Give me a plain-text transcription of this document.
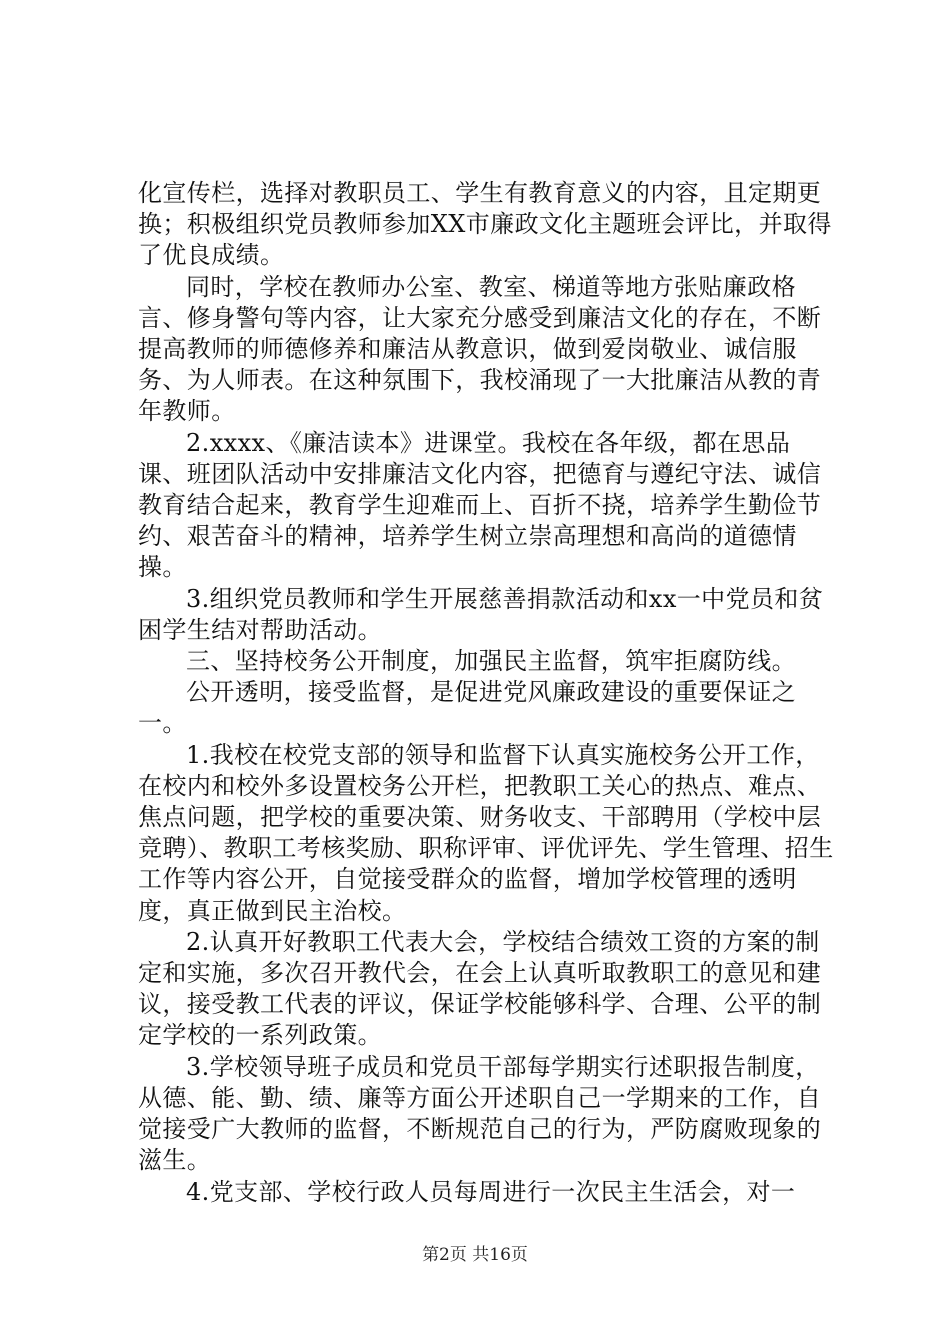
化宣传栏，选择对教职员工、学生有教育意义的内容，且定期更换；积极组织党员教师参加XX市廉政文化主题班会评比，并取得了优良成绩。

同时，学校在教师办公室、教室、梯道等地方张贴廉政格言、修身警句等内容，让大家充分感受到廉洁文化的存在，不断提高教师的师德修养和廉洁从教意识，做到爱岗敬业、诚信服务、为人师表。在这种氛围下，我校涌现了一大批廉洁从教的青年教师。

2.xxxx、《廉洁读本》进课堂。我校在各年级，都在思品课、班团队活动中安排廉洁文化内容，把德育与遵纪守法、诚信教育结合起来，教育学生迎难而上、百折不挠，培养学生勤俭节约、艰苦奋斗的精神，培养学生树立崇高理想和高尚的道德情操。

3.组织党员教师和学生开展慈善捐款活动和xx一中党员和贫困学生结对帮助活动。

三、坚持校务公开制度，加强民主监督，筑牢拒腐防线。

公开透明，接受监督，是促进党风廉政建设的重要保证之一。

1.我校在校党支部的领导和监督下认真实施校务公开工作，在校内和校外多设置校务公开栏，把教职工关心的热点、难点、焦点问题，把学校的重要决策、财务收支、干部聘用（学校中层竞聘）、教职工考核奖励、职称评审、评优评先、学生管理、招生工作等内容公开，自觉接受群众的监督，增加学校管理的透明度，真正做到民主治校。

2.认真开好教职工代表大会，学校结合绩效工资的方案的制定和实施，多次召开教代会，在会上认真听取教职工的意见和建议，接受教工代表的评议，保证学校能够科学、合理、公平的制定学校的一系列政策。

3.学校领导班子成员和党员干部每学期实行述职报告制度，从德、能、勤、绩、廉等方面公开述职自己一学期来的工作，自觉接受广大教师的监督，不断规范自己的行为，严防腐败现象的滋生。

4.党支部、学校行政人员每周进行一次民主生活会，对一

第2页 共16页
